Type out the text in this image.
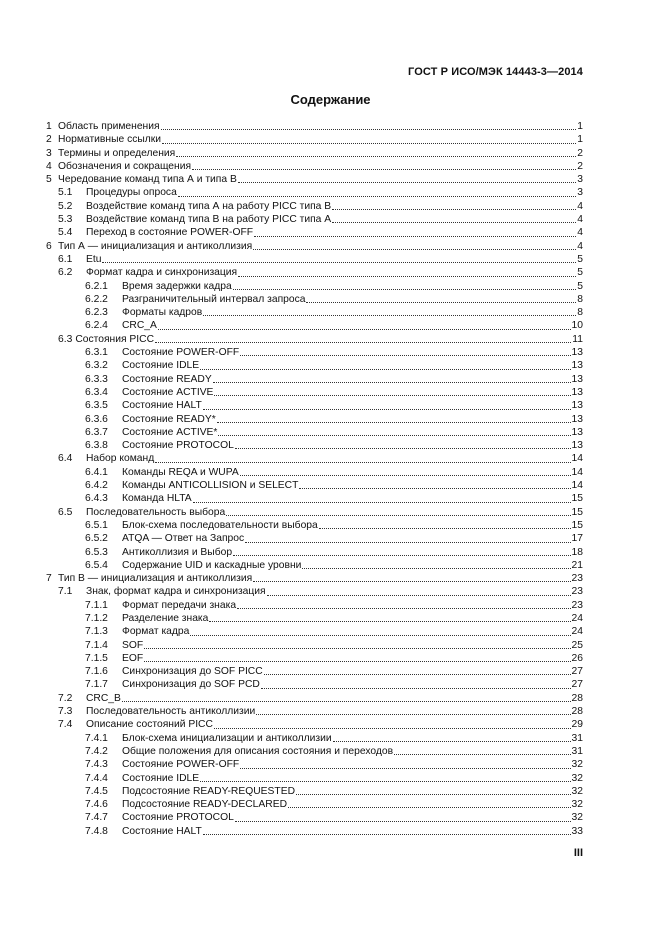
ГОСТ Р ИСО/МЭК 14443-3—2014
Содержание
1 Область применения	1
2 Нормативные ссылки	1
3 Термины и определения	2
4 Обозначения и сокращения	2
5 Чередование команд типа А и типа В	3
5.1	Процедуры опроса	3
5.2	Воздействие команд типа А на работу PICC типа В	4
5.3	Воздействие команд типа В на работу PICC типа А	4
5.4	Переход в состояние POWER-OFF	4
6 Тип А — инициализация и антиколлизия	4
6.1	Etu	5
6.2	Формат кадра и синхронизация	5
6.2.1	Время задержки кадра	5
6.2.2	Разграничительный интервал запроса	8
6.2.3	Форматы кадров	8
6.2.4	CRC_A	10
6.3 Состояния PICC	11
6.3.1	Состояние POWER-OFF	13
6.3.2	Состояние IDLE	13
6.3.3	Состояние READY	13
6.3.4	Состояние ACTIVE	13
6.3.5	Состояние HALT	13
6.3.6	Состояние READY*	13
6.3.7	Состояние ACTIVE*	13
6.3.8	Состояние PROTOCOL	13
6.4	Набор команд	14
6.4.1	Команды REQA и WUPA	14
6.4.2	Команды ANTICOLLISION и SELECT	14
6.4.3	Команда HLTA	15
6.5	Последовательность выбора	15
6.5.1	Блок-схема последовательности выбора	15
6.5.2	ATQA — Ответ на Запрос	17
6.5.3	Антиколлизия и Выбор	18
6.5.4	Содержание UID и каскадные уровни	21
7 Тип В — инициализация и антиколлизия	23
7.1	Знак, формат кадра и синхронизация	23
7.1.1	Формат передачи знака	23
7.1.2	Разделение знака	24
7.1.3	Формат кадра	24
7.1.4	SOF	25
7.1.5	EOF	26
7.1.6	Синхронизация до SOF PICC	27
7.1.7	Синхронизация до SOF PCD	27
7.2	CRC_B	28
7.3	Последовательность антиколлизии	28
7.4	Описание состояний PICC	29
7.4.1	Блок-схема инициализации и антиколлизии	31
7.4.2	Общие положения для описания состояния и переходов	31
7.4.3	Состояние POWER-OFF	32
7.4.4	Состояние IDLE	32
7.4.5	Подсостояние READY-REQUESTED	32
7.4.6	Подсостояние READY-DECLARED	32
7.4.7	Состояние PROTOCOL	32
7.4.8	Состояние HALT	33
III
